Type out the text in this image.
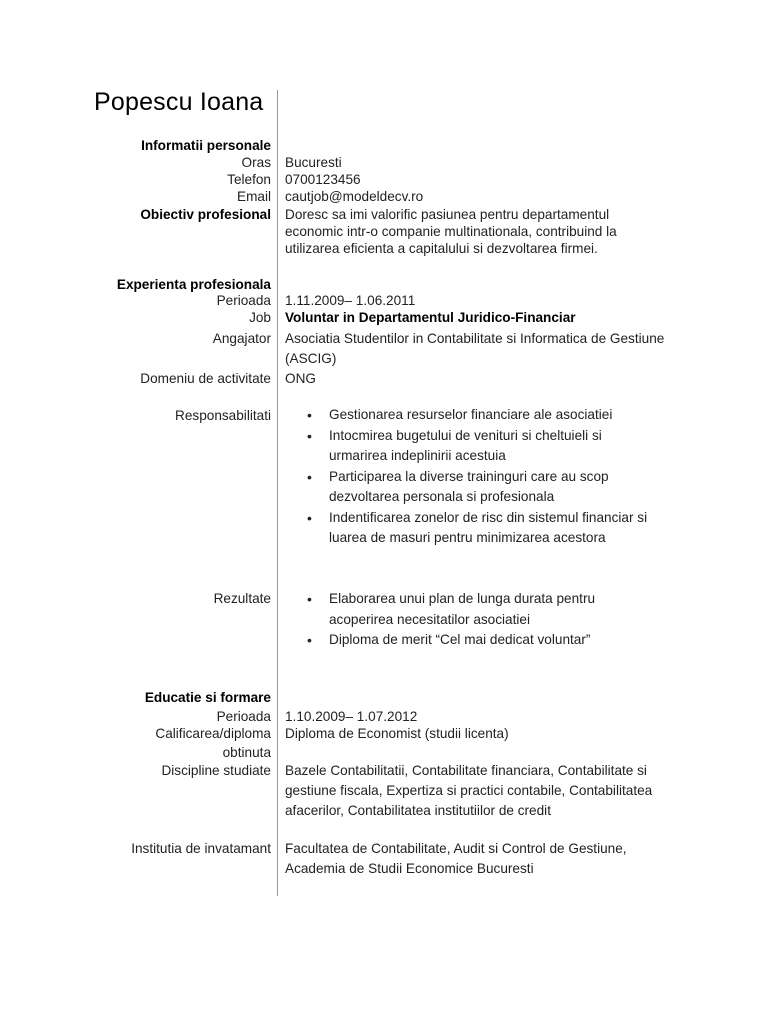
Popescu Ioana
Informatii personale
Oras Bucuresti
Telefon 0700123456
Email cautjob@modeldecv.ro
Obiectiv profesional Doresc sa imi valorific pasiunea pentru departamentul economic intr-o companie multinationala, contribuind la utilizarea eficienta a capitalului si dezvoltarea firmei.
Experienta profesionala
Perioada 1.11.2009– 1.06.2011
Job Voluntar in Departamentul Juridico-Financiar
Angajator Asociatia Studentilor in Contabilitate si Informatica de Gestiune (ASCIG)
Domeniu de activitate ONG
Responsabilitati	• Gestionarea resurselor financiare ale asociatiei
• Intocmirea bugetului de venituri si cheltuieli si urmarirea indeplinirii acestuia
• Participarea la diverse traininguri care au scop dezvoltarea personala si profesionala
• Indentificarea zonelor de risc din sistemul financiar si luarea de masuri pentru minimizarea acestora
Rezultate	• Elaborarea unui plan de lunga durata pentru acoperirea necesitatilor asociatiei
• Diploma de merit “Cel mai dedicat voluntar”
Educatie si formare
Perioada 1.10.2009– 1.07.2012
Calificarea/diploma
obtinuta
Diploma de Economist (studii licenta)
Discipline studiate Bazele Contabilitatii, Contabilitate financiara, Contabilitate si gestiune fiscala, Expertiza si practici contabile, Contabilitatea afacerilor, Contabilitatea institutiilor de credit
Institutia de invatamant Facultatea de Contabilitate, Audit si Control de Gestiune, Academia de Studii Economice Bucuresti
